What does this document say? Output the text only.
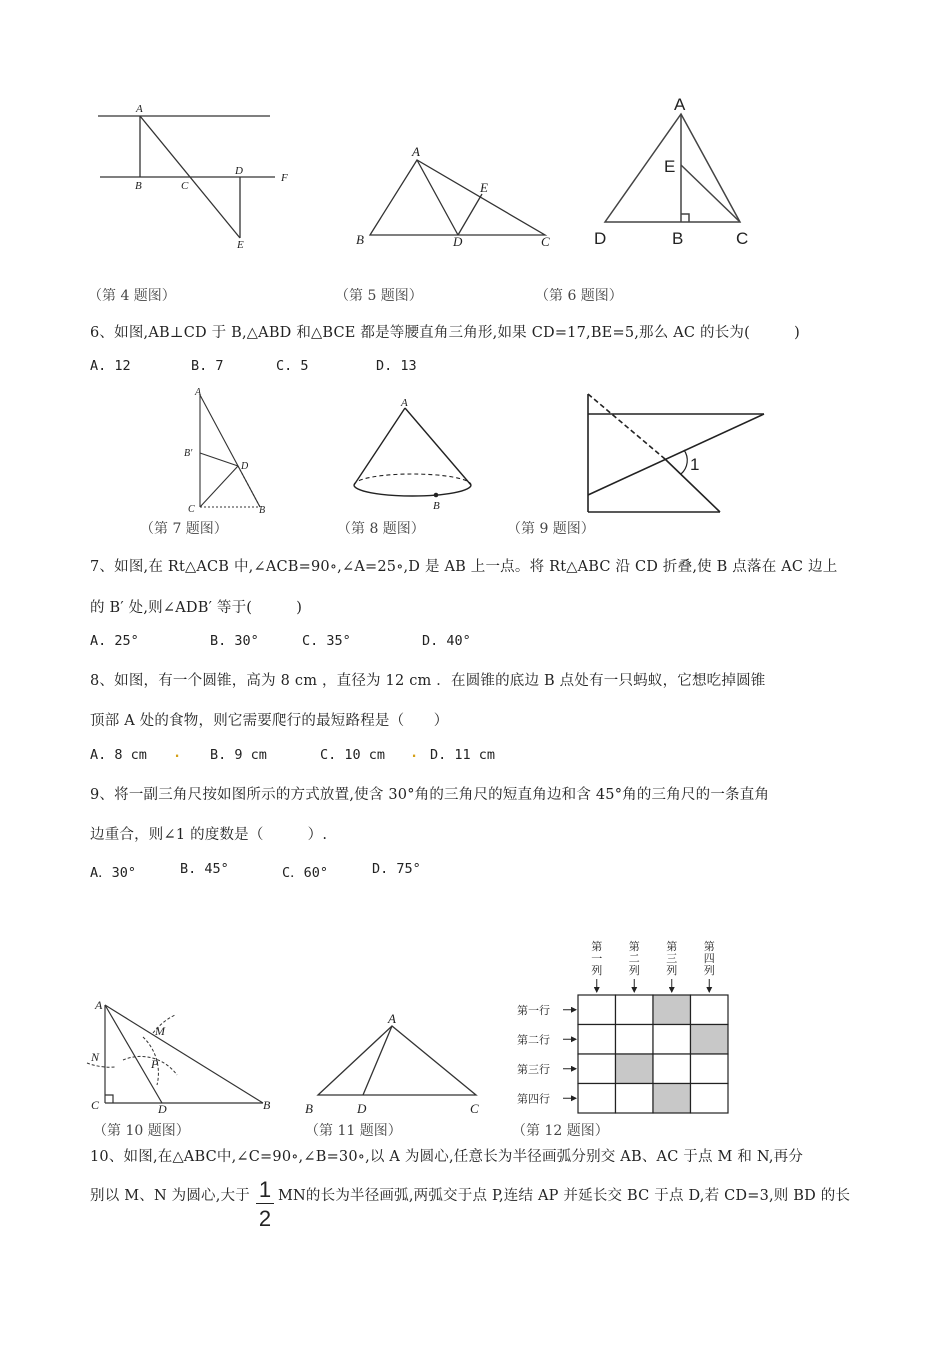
A
B	C
D
F
E
A
E
B	D	C
A
E
D	B	C
（第 4 题图）	（第 5 题图）	（第 6 题图）
6、如图,AB⊥CD 于 B,△ABD 和△BCE 都是等腰直角三角形,如果 CD=17,BE=5,那么 AC 的长为(　　　)
A. 12	B. 7	C. 5	D. 13
A
B′
D
C	B
A
B
1
（第 7 题图）	（第 8 题图）	（第 9 题图）
7、如图,在 Rt△ACB 中,∠ACB=90∘,∠A=25∘,D 是 AB 上一点。将 Rt△ABC 沿 CD 折叠,使 B 点落在 AC 边上
的 B′ 处,则∠ADB′ 等于(　　　)
A. 25°	B. 30°	C. 35°	D. 40°
8、如图，有一个圆锥，高为 8 cm ，直径为 12 cm ．在圆锥的底边 B 点处有一只蚂蚁，它想吃掉圆锥
顶部 A 处的食物，则它需要爬行的最短路程是（　　）
A. 8 cm . B. 9 cm	C. 10 cm . D. 11 cm
9、将一副三角尺按如图所示的方式放置,使含 30°角的三角尺的短直角边和含 45°角的三角尺的一条直角
边重合，则∠1 的度数是（　　　）.
A．30°	B. 45°	C．60°	D. 75°
A
M
N	P
C	D	B
A
B	D	C
第
一
列
第
二
列
第
三
列
第
四
列
第一行
第二行
第三行
第四行
（第 10 题图）	（第 11 题图）	（第 12 题图）
10、如图,在△ABC中,∠C=90∘,∠B=30∘,以 A 为圆心,任意长为半径画弧分别交 AB、AC 于点 M 和 N,再分
别以 M、N 为圆心,大于 1
2
MN的长为半径画弧,两弧交于点 P,连结 AP 并延长交 BC 于点 D,若 CD=3,则 BD 的长
